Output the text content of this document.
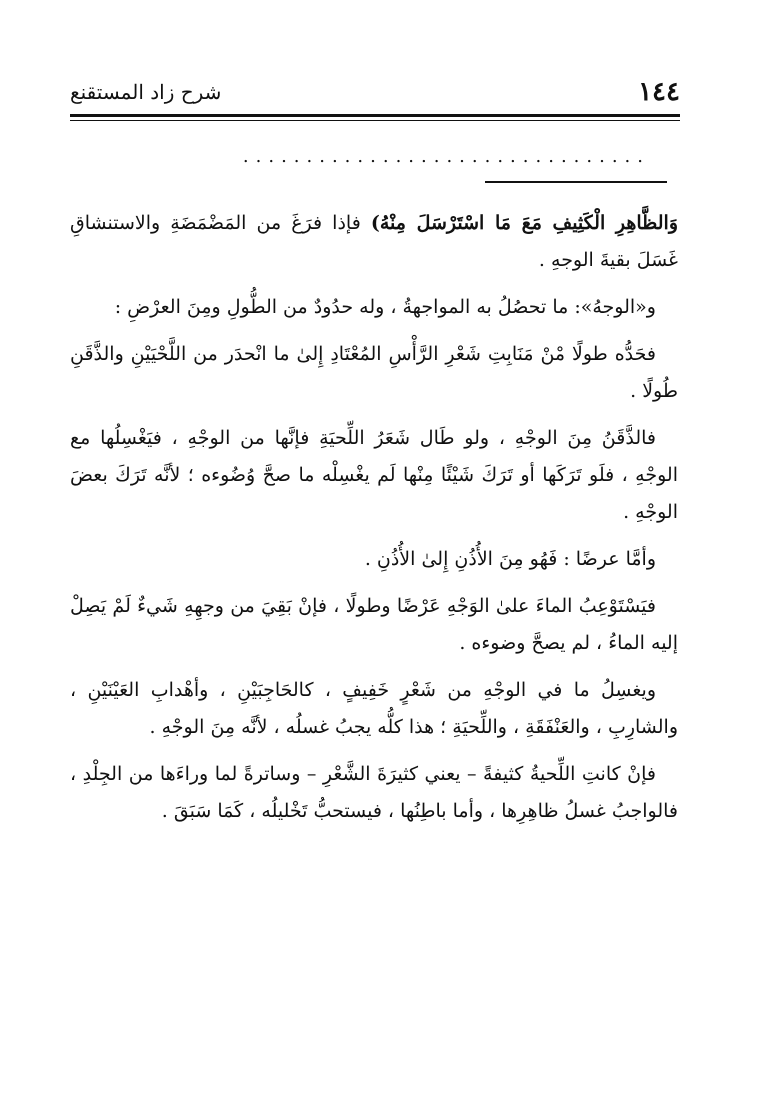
١٤٤
شرح زاد المستقنع
................................

وَالظَّاهِرِ الْكَثِيفِ مَعَ مَا اسْتَرْسَلَ مِنْهُ) فإذا فرَغَ من المَضْمَضَةِ والاستنشاقِ غَسَلَ بقيةَ الوجهِ .

و«الوجهُ»: ما تحصُلُ به المواجهةُ ، وله حدُودٌ من الطُّولِ ومِنَ العرْضِ :

فحَدُّه طولًا مْنْ مَنَابِتِ شَعْرِ الرَّأْسِ المُعْتَادِ إِلىٰ ما انْحدَر من اللَّحْيَيْنِ والذَّقَنِ طُولًا .

فالذَّقَنُ مِنَ الوجْهِ ، ولو طَال شَعَرُ اللِّحيَةِ فإنَّها من الوجْهِ ، فيَغْسِلُها مع الوجْهِ ، فلَو تَرَكَها أو تَرَكَ شَيْئًا مِنْها لَم يغْسِلْه ما صحَّ وُضُوءه ؛ لأنَّه تَرَكَ بعضَ الوجْهِ .

وأمَّا عرضًا : فَهُو مِنَ الأُذُنِ إِلىٰ الأُذُنِ .

فيَسْتَوْعِبُ الماءَ علىٰ الوَجْهِ عَرْضًا وطولًا ، فإنْ بَقِيَ من وجهِهِ شَيءٌ لَمْ يَصِلْ إليه الماءُ ، لم يصحَّ وضوءه .

ويغسِلُ ما في الوجْهِ من شَعْرٍ خَفِيفٍ ، كالحَاجِبَيْنِ ، وأهْدابِ العَيْنَيْنِ ، والشارِبِ ، والعَنْفَقَةِ ، واللِّحيَةِ ؛ هذا كلُّه يجبُ غسلُه ، لأنَّه مِنَ الوجْهِ .

فإنْ كانتِ اللِّحيةُ كثيفةً – يعني كثيرَةَ الشَّعْرِ – وساترةً لما وراءَها من الجِلْدِ ، فالواجبُ غسلُ ظاهِرِها ، وأما باطِنُها ، فيستحبُّ تَخْليلُه ، كَمَا سَبَقَ .
